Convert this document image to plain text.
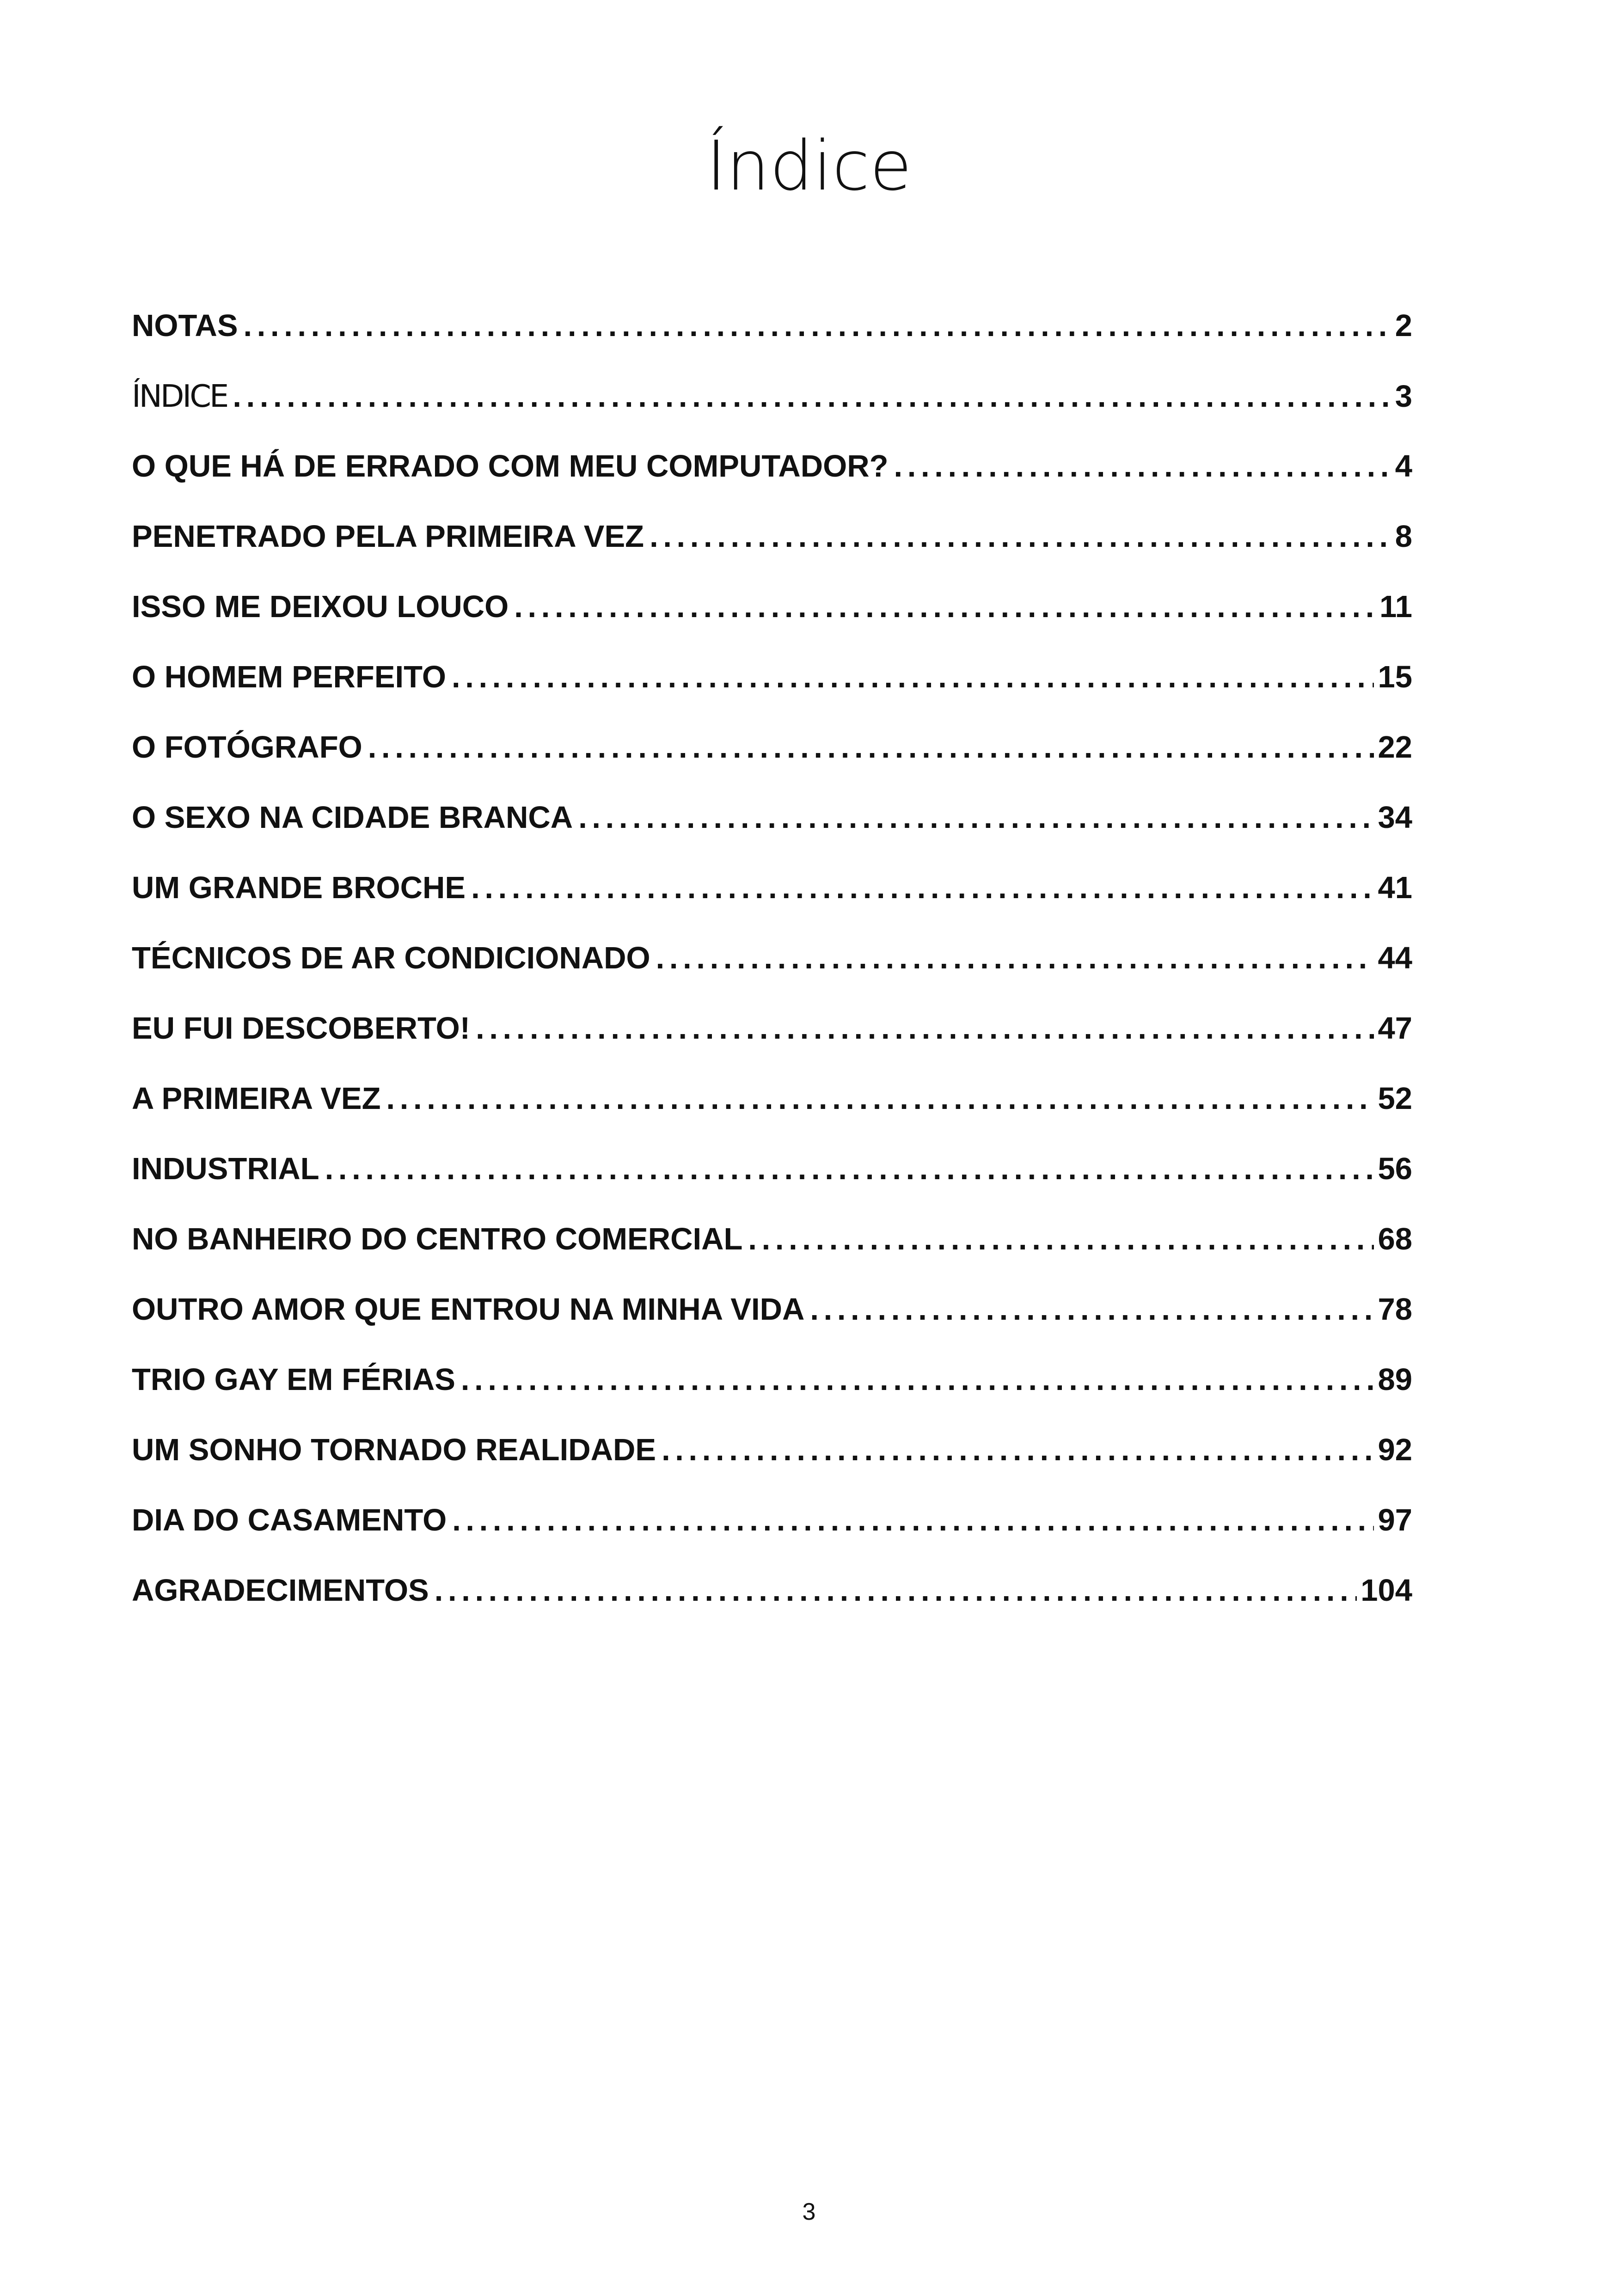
Índice
NOTAS . . .	2
ÍNDICE . . .	3
O QUE HÁ DE ERRADO COM MEU COMPUTADOR? . . .	4
PENETRADO PELA PRIMEIRA VEZ . . .	8
ISSO ME DEIXOU LOUCO . . .	11
O HOMEM PERFEITO . . .	15
O FOTÓGRAFO . . .	22
O SEXO NA CIDADE BRANCA . . .	34
UM GRANDE BROCHE . . .	41
TÉCNICOS DE AR CONDICIONADO . . .	44
EU FUI DESCOBERTO! . . .	47
A PRIMEIRA VEZ . . .	52
INDUSTRIAL . . .	56
NO BANHEIRO DO CENTRO COMERCIAL . . .	68
OUTRO AMOR QUE ENTROU NA MINHA VIDA . . .	78
TRIO GAY EM FÉRIAS . . .	89
UM SONHO TORNADO REALIDADE . . .	92
DIA DO CASAMENTO . . .	97
AGRADECIMENTOS . . .	104
3
